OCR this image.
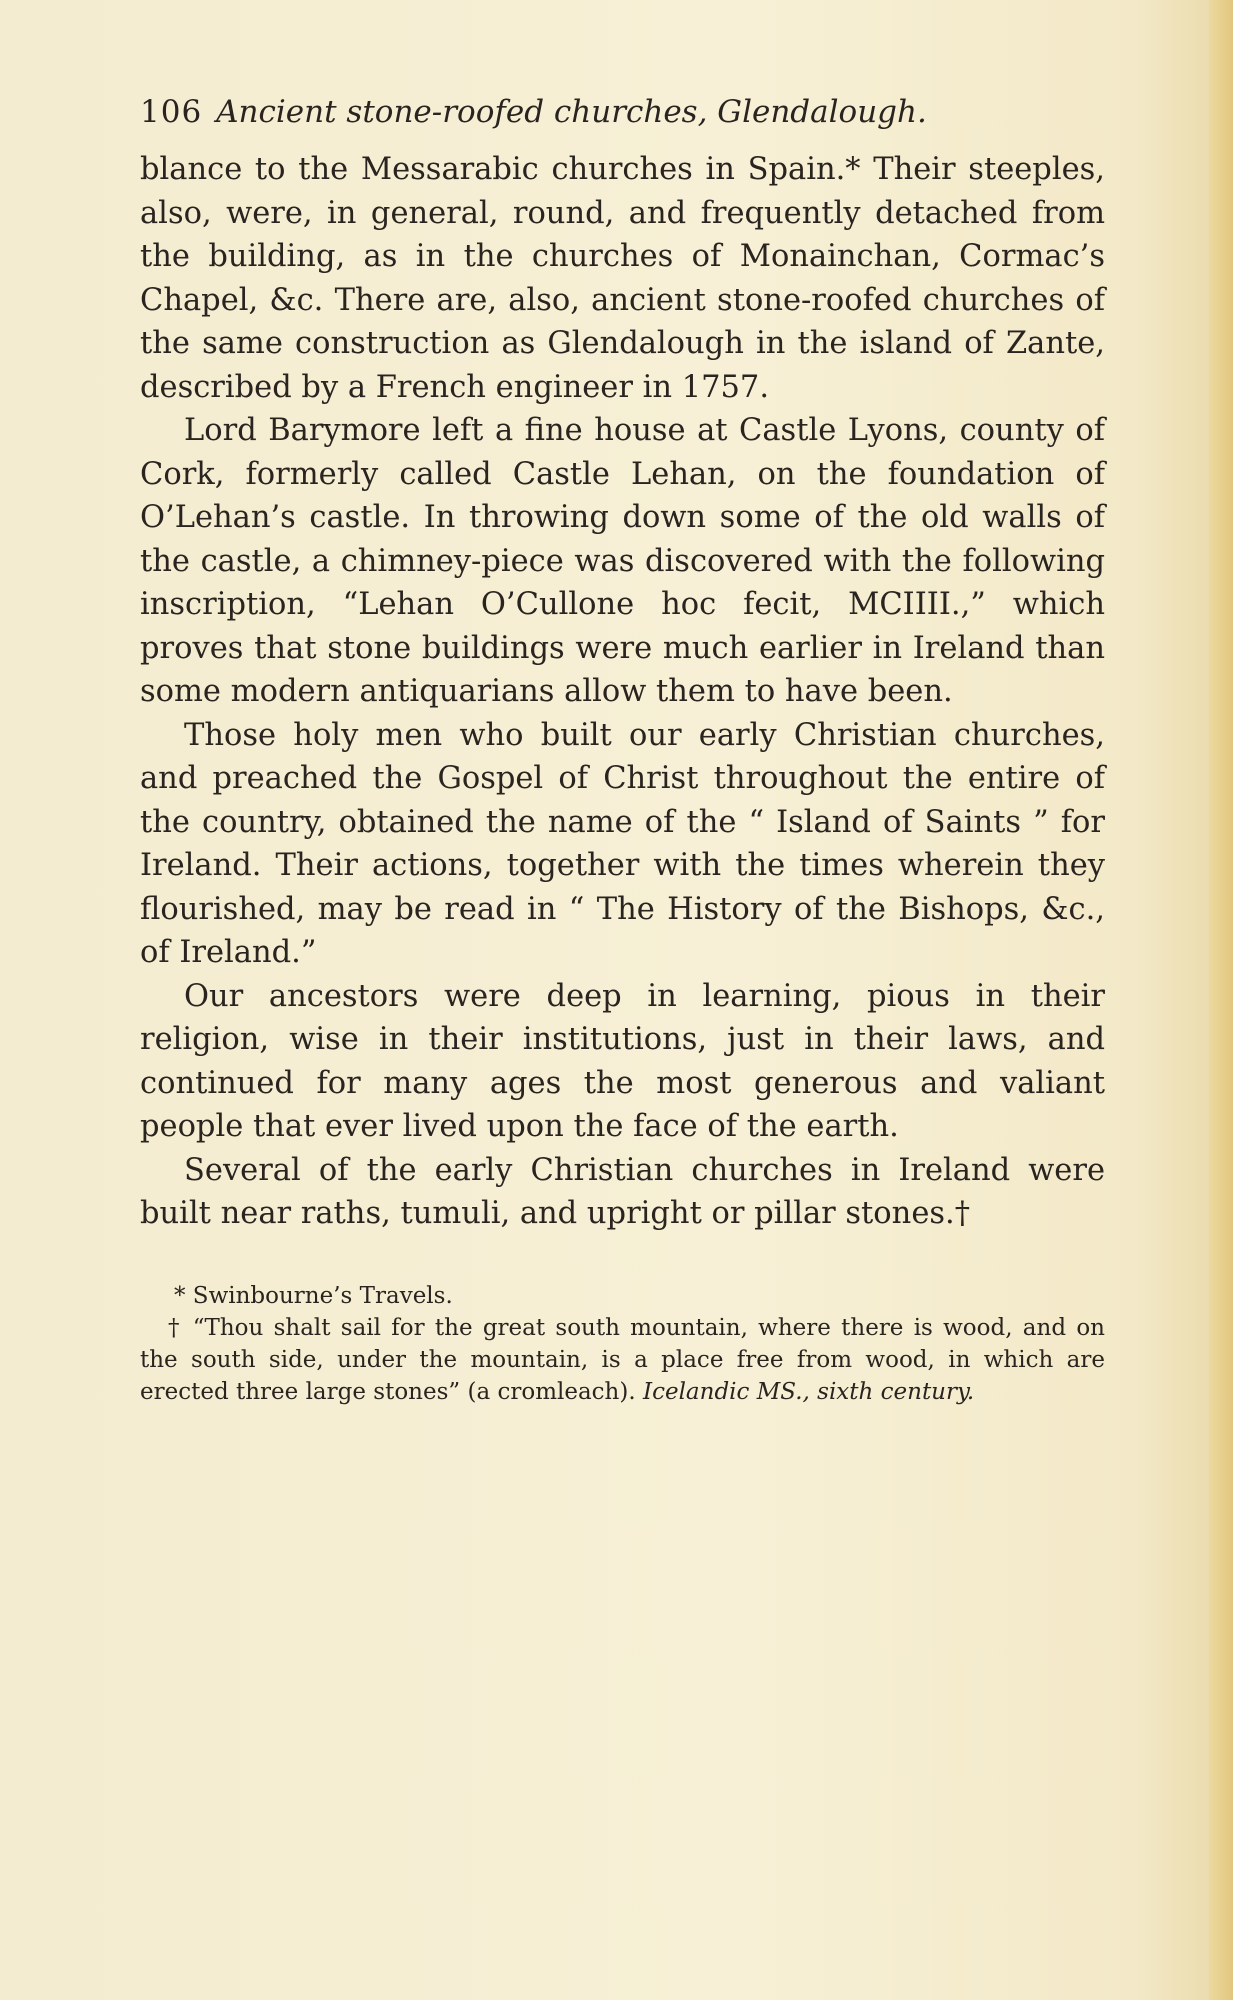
106 Ancient stone-roofed churches, Glendalough.

blance to the Messarabic churches in Spain.* Their steeples, also, were, in general, round, and frequently detached from the building, as in the churches of Monainchan, Cormac’s Chapel, &c. There are, also, ancient stone-roofed churches of the same construction as Glendalough in the island of Zante, described by a French engineer in 1757.

Lord Barymore left a fine house at Castle Lyons, county of Cork, formerly called Castle Lehan, on the foundation of O’Lehan’s castle. In throwing down some of the old walls of the castle, a chimney-piece was discovered with the following inscription, “Lehan O’Cullone hoc fecit, MCIIII.,” which proves that stone buildings were much earlier in Ireland than some modern antiquarians allow them to have been.

Those holy men who built our early Christian churches, and preached the Gospel of Christ throughout the entire of the country, obtained the name of the “ Island of Saints ” for Ireland. Their actions, together with the times wherein they flourished, may be read in “ The History of the Bishops, &c., of Ireland.”

Our ancestors were deep in learning, pious in their religion, wise in their institutions, just in their laws, and continued for many ages the most generous and valiant people that ever lived upon the face of the earth.

Several of the early Christian churches in Ireland were built near raths, tumuli, and upright or pillar stones.†

* Swinbourne’s Travels.

† “Thou shalt sail for the great south mountain, where there is wood, and on the south side, under the mountain, is a place free from wood, in which are erected three large stones” (a cromleach). Icelandic MS., sixth century.
